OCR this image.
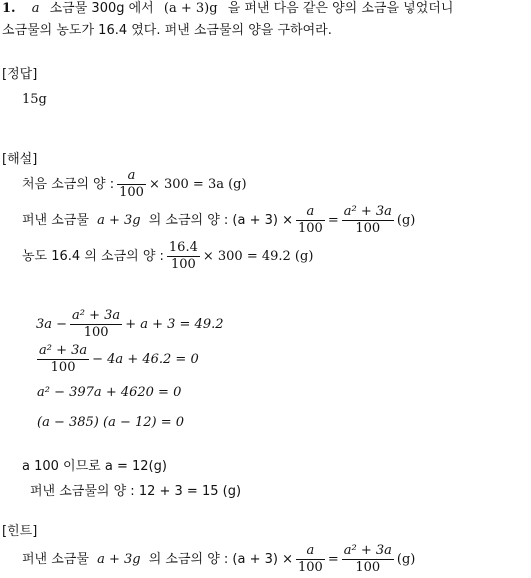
1. a 소금물 300g 에서 (a + 3)g 을 퍼낸 다음 같은 양의 소금을 넣었더니
소금물의 농도가 16.4 였다. 퍼낸 소금물의 양을 구하여라.
[정답]
15g
[해설]
처음 소금의 양 : $\frac{a}{100} \times 300 = 3a$ (g)
퍼낸 소금물 a + 3g 의 소금의 양 : $(a + 3) \times \frac{a}{100} = \frac{\text{a² + 3a}}{100} (g)$
농도 16.4 의 소금의 양 : $\frac{16.4}{100} \times 300 = 49.2$ (g)
$3a - \frac{\text{a² + 3a}}{100} + a + 3 = 49.2$
$\frac{\text{a² + 3a}}{100} - 4a + 46.2 = 0$
a² − 397a + 4620 = 0
(a − 385) (a − 12) = 0
a 100 이므로 a = 12(g)
퍼낸 소금물의 양 : 12 + 3 = 15 (g)
[힌트]
퍼낸 소금물 a + 3g 의 소금의 양 : $(a + 3) \times \frac{a}{100} = \frac{\text{a² + 3a}}{100} (g)$
